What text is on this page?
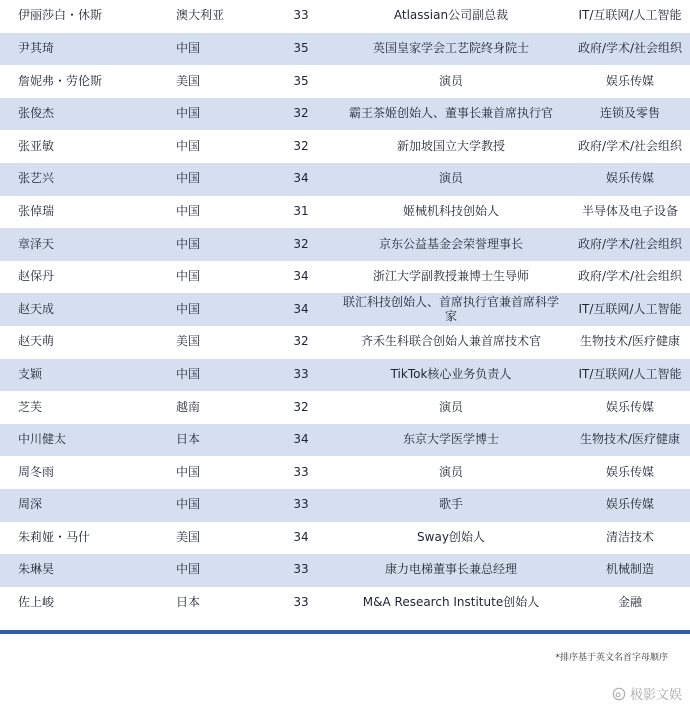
伊丽莎白・休斯	澳大利亚	33	Atlassian公司副总裁	IT/互联网/人工智能
尹其琦	中国	35	英国皇家学会工艺院终身院士	政府/学术/社会组织
詹妮弗・劳伦斯	美国	35	演员	娱乐传媒
张俊杰	中国	32	霸王茶姬创始人、董事长兼首席执行官	连锁及零售
张亚敏	中国	32	新加坡国立大学教授	政府/学术/社会组织
张艺兴	中国	34	演员	娱乐传媒
张倬瑞	中国	31	姬械机科技创始人	半导体及电子设备
章泽天	中国	32	京东公益基金会荣誉理事长	政府/学术/社会组织
赵保丹	中国	34	浙江大学副教授兼博士生导师	政府/学术/社会组织
赵天成	中国	34	联汇科技创始人、首席执行官兼首席科学家	IT/互联网/人工智能
赵天萌	美国	32	齐禾生科联合创始人兼首席技术官	生物技术/医疗健康
支颖	中国	33	TikTok核心业务负责人	IT/互联网/人工智能
芝芙	越南	32	演员	娱乐传媒
中川健太	日本	34	东京大学医学博士	生物技术/医疗健康
周冬雨	中国	33	演员	娱乐传媒
周深	中国	33	歌手	娱乐传媒
朱莉娅・马什	美国	34	Sway创始人	清洁技术
朱琳昊	中国	33	康力电梯董事长兼总经理	机械制造
佐上峻	日本	33	M&A Research Institute创始人	金融
*排序基于英文名首字母顺序
极影文娱
